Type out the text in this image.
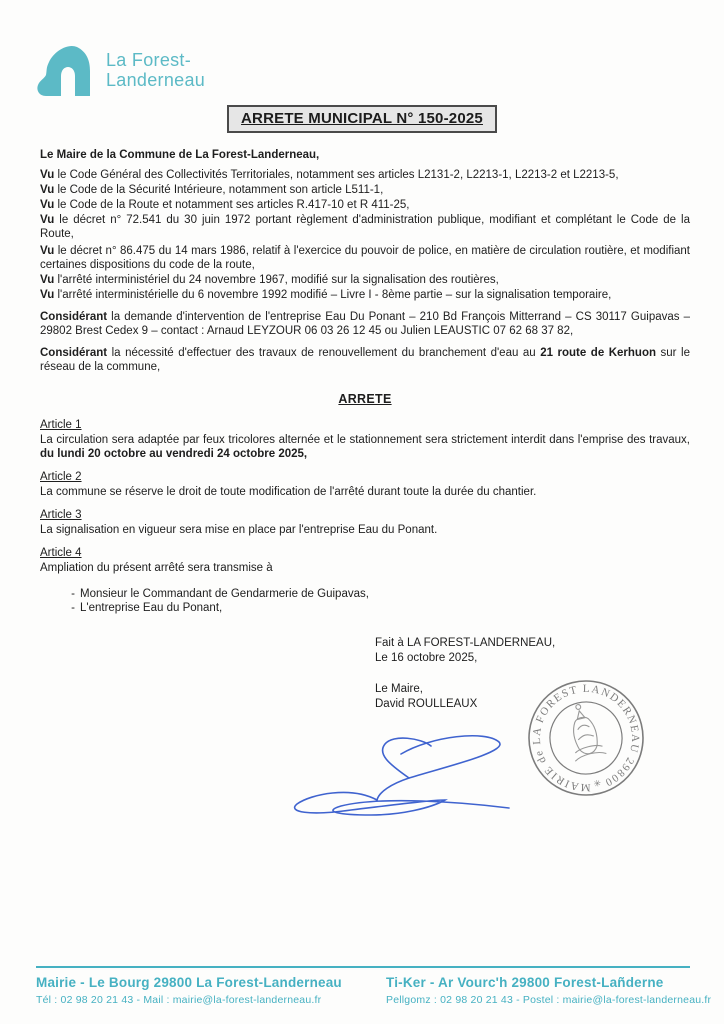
La Forest-
Landerneau
ARRETE MUNICIPAL N° 150-2025

Le Maire de la Commune de La Forest-Landerneau,

Vu le Code Général des Collectivités Territoriales, notamment ses articles L2131-2, L2213-1, L2213-2 et L2213-5,

Vu le Code de la Sécurité Intérieure, notamment son article L511-1,

Vu le Code de la Route et notamment ses articles R.417-10 et R 411-25,

Vu le décret n° 72.541 du 30 juin 1972 portant règlement d'administration publique, modifiant et complétant le Code de la Route,

Vu le décret n° 86.475 du 14 mars 1986, relatif à l'exercice du pouvoir de police, en matière de circulation routière, et modifiant certaines dispositions du code de la route,

Vu l'arrêté interministériel du 24 novembre 1967, modifié sur la signalisation des routières,

Vu l'arrêté interministérielle du 6 novembre 1992 modifié – Livre I - 8ème partie – sur la signalisation temporaire,

Considérant la demande d'intervention de l'entreprise Eau Du Ponant – 210 Bd François Mitterrand – CS 30117 Guipavas – 29802 Brest Cedex 9 – contact : Arnaud LEYZOUR 06 03 26 12 45 ou Julien LEAUSTIC 07 62 68 37 82,

Considérant la nécessité d'effectuer des travaux de renouvellement du branchement d'eau au 21 route de Kerhuon sur le réseau de la commune,

ARRETE

Article 1

La circulation sera adaptée par feux tricolores alternée et le stationnement sera strictement interdit dans l'emprise des travaux, du lundi 20 octobre au vendredi 24 octobre 2025,

Article 2

La commune se réserve le droit de toute modification de l'arrêté durant toute la durée du chantier.

Article 3

La signalisation en vigueur sera mise en place par l'entreprise Eau du Ponant.

Article 4

Ampliation du présent arrêté sera transmise à

- Monsieur le Commandant de Gendarmerie de Guipavas,
- L'entreprise Eau du Ponant,
Fait à LA FOREST-LANDERNEAU,
Le 16 octobre 2025,
Le Maire,
David ROULLEAUX
MAIRIE de LA FOREST LANDERNEAU 29800
✳
Mairie - Le Bourg 29800 La Forest-Landerneau
Tél : 02 98 20 21 43 - Mail : mairie@la-forest-landerneau.fr
Ti-Ker - Ar Vourc'h 29800 Forest-Lañderne
Pellgomz : 02 98 20 21 43 - Postel : mairie@la-forest-landerneau.fr
